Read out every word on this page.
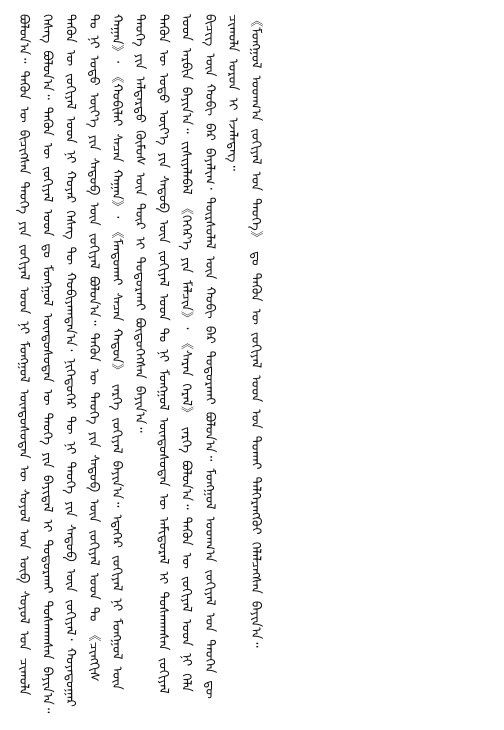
ᠪᠣᠯᠤᠨ᠎ᠠ᠃ ᠲᠡᠭᠦᠨ ᠦ ᠪᠢᠴᠢᠭᠰᠡᠨ ᠲᠡᠦᠬᠡ ᠶᠢᠨ ᠵᠣᠬᠢᠶᠠᠯ ᠤᠳ ᠨᠢ ᠮᠣᠩᠭᠣᠯ ᠦᠨᠳᠦᠰᠦᠲᠡᠨ ᠦ ᠰᠣᠶᠣᠯ ᠤᠨ ᠦᠪ ᠰᠣᠶᠣᠯ ᠤᠨ ᠴᠢᠬᠤᠯᠠ ᠬᠡᠰᠡᠭ ᠪᠣᠯᠤᠨ᠎ᠠ᠃ ᠲᠡᠭᠦᠨ ᠦ ᠵᠣᠬᠢᠶᠠᠯ ᠤᠳ ᠳᠤ ᠮᠣᠩᠭᠣᠯ ᠦᠨᠳᠦᠰᠦᠲᠡᠨ ᠦ ᠲᠡᠦᠬᠡ ᠶᠢᠨ ᠪᠠᠶᠢᠳᠠᠯ ᠢ ᠲᠣᠳᠣᠷᠬᠠᠢ ᠲᠤᠰᠬᠠᠭᠰᠠᠨ ᠪᠠᠶᠢᠨ᠎ᠠ᠃ ᠲᠡᠭᠦᠨ ᠦ ᠵᠣᠬᠢᠶᠠᠯ ᠤᠳ ᠨᠢ ᠬᠣᠶᠠᠷ ᠬᠡᠰᠡᠭ ᠲᠦ ᠬᠤᠪᠢᠶᠠᠭᠳᠠᠨ᠎ᠠ᠂ ᠨᠢᠭᠡᠳᠦᠭᠡᠷ ᠲᠦ ᠨᠢ ᠲᠡᠦᠬᠡ ᠶᠢᠨ ᠰᠡᠳᠦᠪ ᠦᠨ ᠵᠣᠬᠢᠶᠠᠯ᠂ ᠬᠣᠶᠠᠳᠤᠭᠠᠷ ᠲᠤ ᠨᠢ ᠣᠳᠣ ᠦᠶ᠎ᠡ ᠶᠢᠨ ᠰᠡᠳᠦᠪ ᠦᠨ ᠵᠣᠬᠢᠶᠠᠯ ᠪᠣᠯᠤᠨ᠎ᠠ᠃ ᠲᠡᠭᠦᠨ ᠦ ᠲᠡᠦᠬᠡ ᠶᠢᠨ ᠰᠡᠳᠦᠪ ᠦᠨ ᠵᠣᠬᠢᠶᠠᠯ ᠤᠳ ᠲᠤ 《ᠴᠢᠩᠭᠢᠰ ᠬᠠᠭᠠᠨ》᠂ 《ᠬᠤᠪᠢᠯᠠᠢ ᠰᠡᠴᠡᠨ ᠬᠠᠭᠠᠨ》᠂ 《ᠮᠠᠨᠳᠤᠬᠠᠢ ᠰᠡᠴᠡᠨ ᠬᠠᠲᠤᠨ》 ᠵᠡᠷᠭᠡ ᠵᠣᠬᠢᠶᠠᠯ ᠪᠠᠶᠢᠨ᠎ᠠ᠃ ᠡᠳᠡᠭᠡᠷ ᠵᠣᠬᠢᠶᠠᠯ ᠨᠢ ᠮᠣᠩᠭᠣᠯ ᠦᠨ ᠲᠡᠦᠬᠡ ᠶᠢᠨ ᠠᠯᠳᠠᠷᠲᠤ ᠬᠦᠮᠦᠰ ᠦᠨ ᠳᠦᠷ ᠢ ᠲᠣᠳᠣᠷᠬᠠᠢ ᠪᠦᠲᠦᠭᠡᠭᠰᠡᠨ ᠪᠠᠶᠢᠨ᠎ᠠ᠃ ᠲᠡᠭᠦᠨ ᠦ ᠣᠳᠣ ᠦᠶ᠎ᠡ ᠶᠢᠨ ᠰᠡᠳᠦᠪ ᠦᠨ ᠵᠣᠬᠢᠶᠠᠯ ᠤᠳ ᠲᠤ ᠨᠢ ᠮᠣᠩᠭᠣᠯ ᠦᠨᠳᠦᠰᠦᠲᠡᠨ ᠦ ᠠᠮᠢᠳᠤᠷᠠᠯ ᠢ ᠲᠤᠰᠬᠠᠭᠰᠠᠨ ᠵᠣᠬᠢᠶᠠᠯ ᠤᠳ ᠠᠷᠪᠢᠨ ᠪᠠᠶᠢᠨ᠎ᠠ᠃ ᠵᠢᠱᠢᠶᠡᠯᠡᠪᠡᠯ 《ᠬᠡᠭᠡᠷ᠎ᠡ ᠶᠢᠨ ᠮᠠᠯᠴᠢᠨ》᠂ 《ᠰᠠᠷᠠᠨ ᠭᠡᠷᠡᠯ》 ᠵᠡᠷᠭᠡ ᠪᠣᠯᠤᠨ᠎ᠠ᠃ ᠲᠡᠭᠦᠨ ᠦ ᠵᠣᠬᠢᠶᠠᠯ ᠤᠳ ᠨᠢ ᠬᠡᠯᠡ ᠪᠢᠴᠢᠭ ᠦᠨ ᠬᠤᠪᠢ ᠪᠡᠷ ᠪᠠᠶᠠᠯᠢᠭ᠂ ᠳᠦᠷᠰᠦᠯᠡᠯ ᠦᠨ ᠬᠤᠪᠢ ᠪᠡᠷ ᠲᠣᠳᠣᠷᠬᠠᠢ ᠪᠣᠯᠤᠨ᠎ᠠ᠃ ᠮᠣᠩᠭᠣᠯ ᠤᠳᠬ᠎ᠠ ᠵᠣᠬᠢᠶᠠᠯ ᠤᠨ ᠲᠡᠦᠬᠡᠨ ᠳᠦ ᠴᠢᠬᠤᠯᠠ ᠣᠷᠤᠨ ᠢ ᠡᠵᠡᠯᠡᠳᠡᠭ᠃ 《ᠮᠣᠩᠭᠣᠯ ᠤᠳᠬ᠎ᠠ ᠵᠣᠬᠢᠶᠠᠯ ᠤᠨ ᠲᠡᠦᠬᠡ》 ᠳᠤ ᠲᠡᠭᠦᠨ ᠦ ᠵᠣᠬᠢᠶᠠᠯ ᠤᠳ ᠤᠨ ᠲᠤᠬᠠᠢ ᠳᠡᠯᠭᠡᠷᠡᠩᠭᠦᠢ ᠬᠡᠯᠡᠯᠴᠡᠭᠰᠡᠨ ᠪᠠᠶᠢᠨ᠎ᠠ᠃
